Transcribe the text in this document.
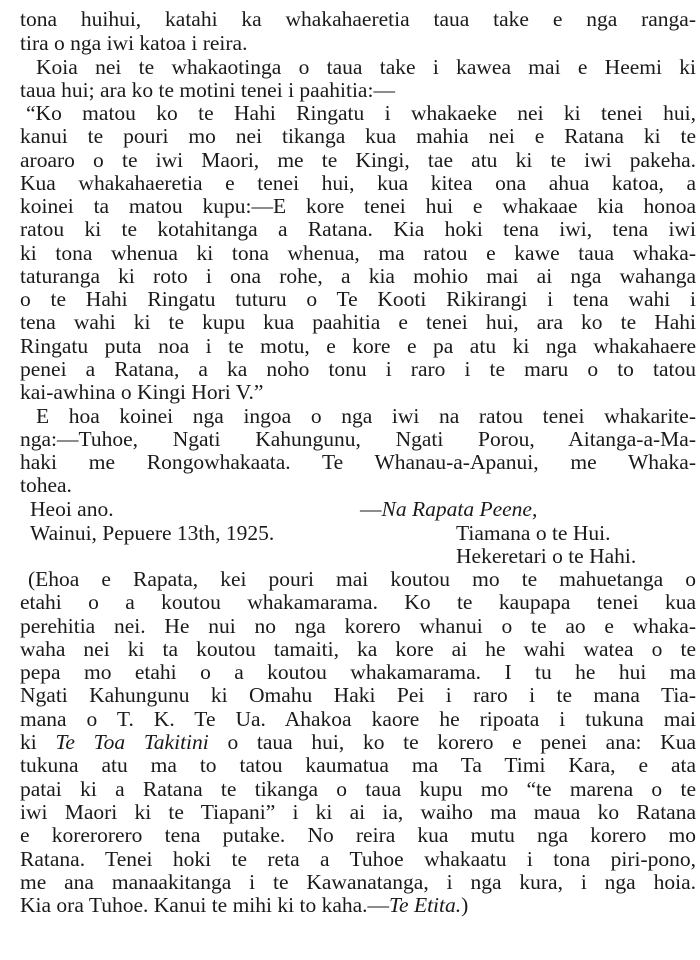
tona huihui, katahi ka whakahaeretia taua take e nga ranga-
tira o nga iwi katoa i reira.
Koia nei te whakaotinga o taua take i kawea mai e Heemi ki
taua hui; ara ko te motini tenei i paahitia:—
“Ko matou ko te Hahi Ringatu i whakaeke nei ki tenei hui,
kanui te pouri mo nei tikanga kua mahia nei e Ratana ki te
aroaro o te iwi Maori, me te Kingi, tae atu ki te iwi pakeha.
Kua whakahaeretia e tenei hui, kua kitea ona ahua katoa, a
koinei ta matou kupu:—E kore tenei hui e whakaae kia honoa
ratou ki te kotahitanga a Ratana. Kia hoki tena iwi, tena iwi
ki tona whenua ki tona whenua, ma ratou e kawe taua whaka-
taturanga ki roto i ona rohe, a kia mohio mai ai nga wahanga
o te Hahi Ringatu tuturu o Te Kooti Rikirangi i tena wahi i
tena wahi ki te kupu kua paahitia e tenei hui, ara ko te Hahi
Ringatu puta noa i te motu, e kore e pa atu ki nga whakahaere
penei a Ratana, a ka noho tonu i raro i te maru o to tatou
kai-awhina o Kingi Hori V.”
E hoa koinei nga ingoa o nga iwi na ratou tenei whakarite-
nga:—Tuhoe, Ngati Kahungunu, Ngati Porou, Aitanga-a-Ma-
haki me Rongowhakaata. Te Whanau-a-Apanui, me Whaka-
tohea.
Heoi ano.	—Na Rapata Peene,
Wainui, Pepuere 13th, 1925.	Tiamana o te Hui.
Hekeretari o te Hahi.
(Ehoa e Rapata, kei pouri mai koutou mo te mahuetanga o
etahi o a koutou whakamarama. Ko te kaupapa tenei kua
perehitia nei. He nui no nga korero whanui o te ao e whaka-
waha nei ki ta koutou tamaiti, ka kore ai he wahi watea o te
pepa mo etahi o a koutou whakamarama. I tu he hui ma
Ngati Kahungunu ki Omahu Haki Pei i raro i te mana Tia-
mana o T. K. Te Ua. Ahakoa kaore he ripoata i tukuna mai
ki Te Toa Takitini o taua hui, ko te korero e penei ana: Kua
tukuna atu ma to tatou kaumatua ma Ta Timi Kara, e ata
patai ki a Ratana te tikanga o taua kupu mo “te marena o te
iwi Maori ki te Tiapani” i ki ai ia, waiho ma maua ko Ratana
e korerorero tena putake. No reira kua mutu nga korero mo
Ratana. Tenei hoki te reta a Tuhoe whakaatu i tona piri-pono,
me ana manaakitanga i te Kawanatanga, i nga kura, i nga hoia.
Kia ora Tuhoe. Kanui te mihi ki to kaha.—Te Etita.)
